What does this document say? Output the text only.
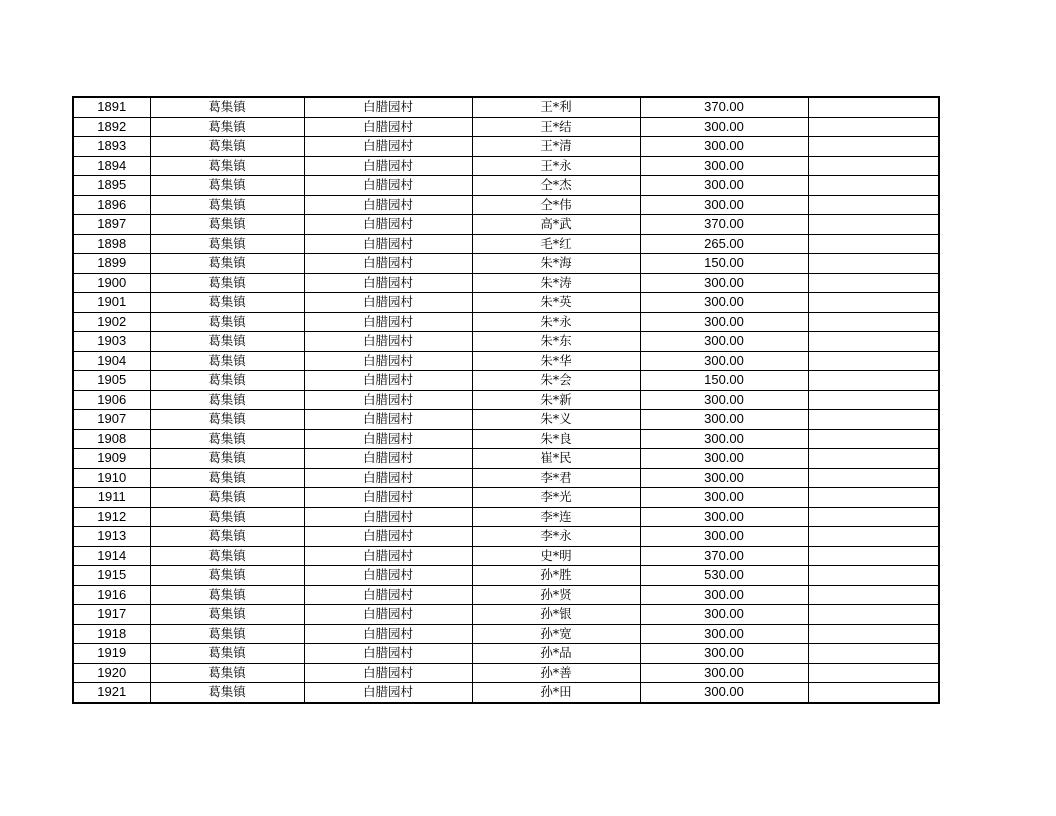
1891	葛集镇	白腊园村	王*利	370.00	
1892	葛集镇	白腊园村	王*结	300.00	
1893	葛集镇	白腊园村	王*清	300.00	
1894	葛集镇	白腊园村	王*永	300.00	
1895	葛集镇	白腊园村	仝*杰	300.00	
1896	葛集镇	白腊园村	仝*伟	300.00	
1897	葛集镇	白腊园村	高*武	370.00	
1898	葛集镇	白腊园村	毛*红	265.00	
1899	葛集镇	白腊园村	朱*海	150.00	
1900	葛集镇	白腊园村	朱*涛	300.00	
1901	葛集镇	白腊园村	朱*英	300.00	
1902	葛集镇	白腊园村	朱*永	300.00	
1903	葛集镇	白腊园村	朱*东	300.00	
1904	葛集镇	白腊园村	朱*华	300.00	
1905	葛集镇	白腊园村	朱*会	150.00	
1906	葛集镇	白腊园村	朱*新	300.00	
1907	葛集镇	白腊园村	朱*义	300.00	
1908	葛集镇	白腊园村	朱*良	300.00	
1909	葛集镇	白腊园村	崔*民	300.00	
1910	葛集镇	白腊园村	李*君	300.00	
1911	葛集镇	白腊园村	李*光	300.00	
1912	葛集镇	白腊园村	李*连	300.00	
1913	葛集镇	白腊园村	李*永	300.00	
1914	葛集镇	白腊园村	史*明	370.00	
1915	葛集镇	白腊园村	孙*胜	530.00	
1916	葛集镇	白腊园村	孙*贤	300.00	
1917	葛集镇	白腊园村	孙*银	300.00	
1918	葛集镇	白腊园村	孙*宽	300.00	
1919	葛集镇	白腊园村	孙*品	300.00	
1920	葛集镇	白腊园村	孙*善	300.00	
1921	葛集镇	白腊园村	孙*田	300.00	
